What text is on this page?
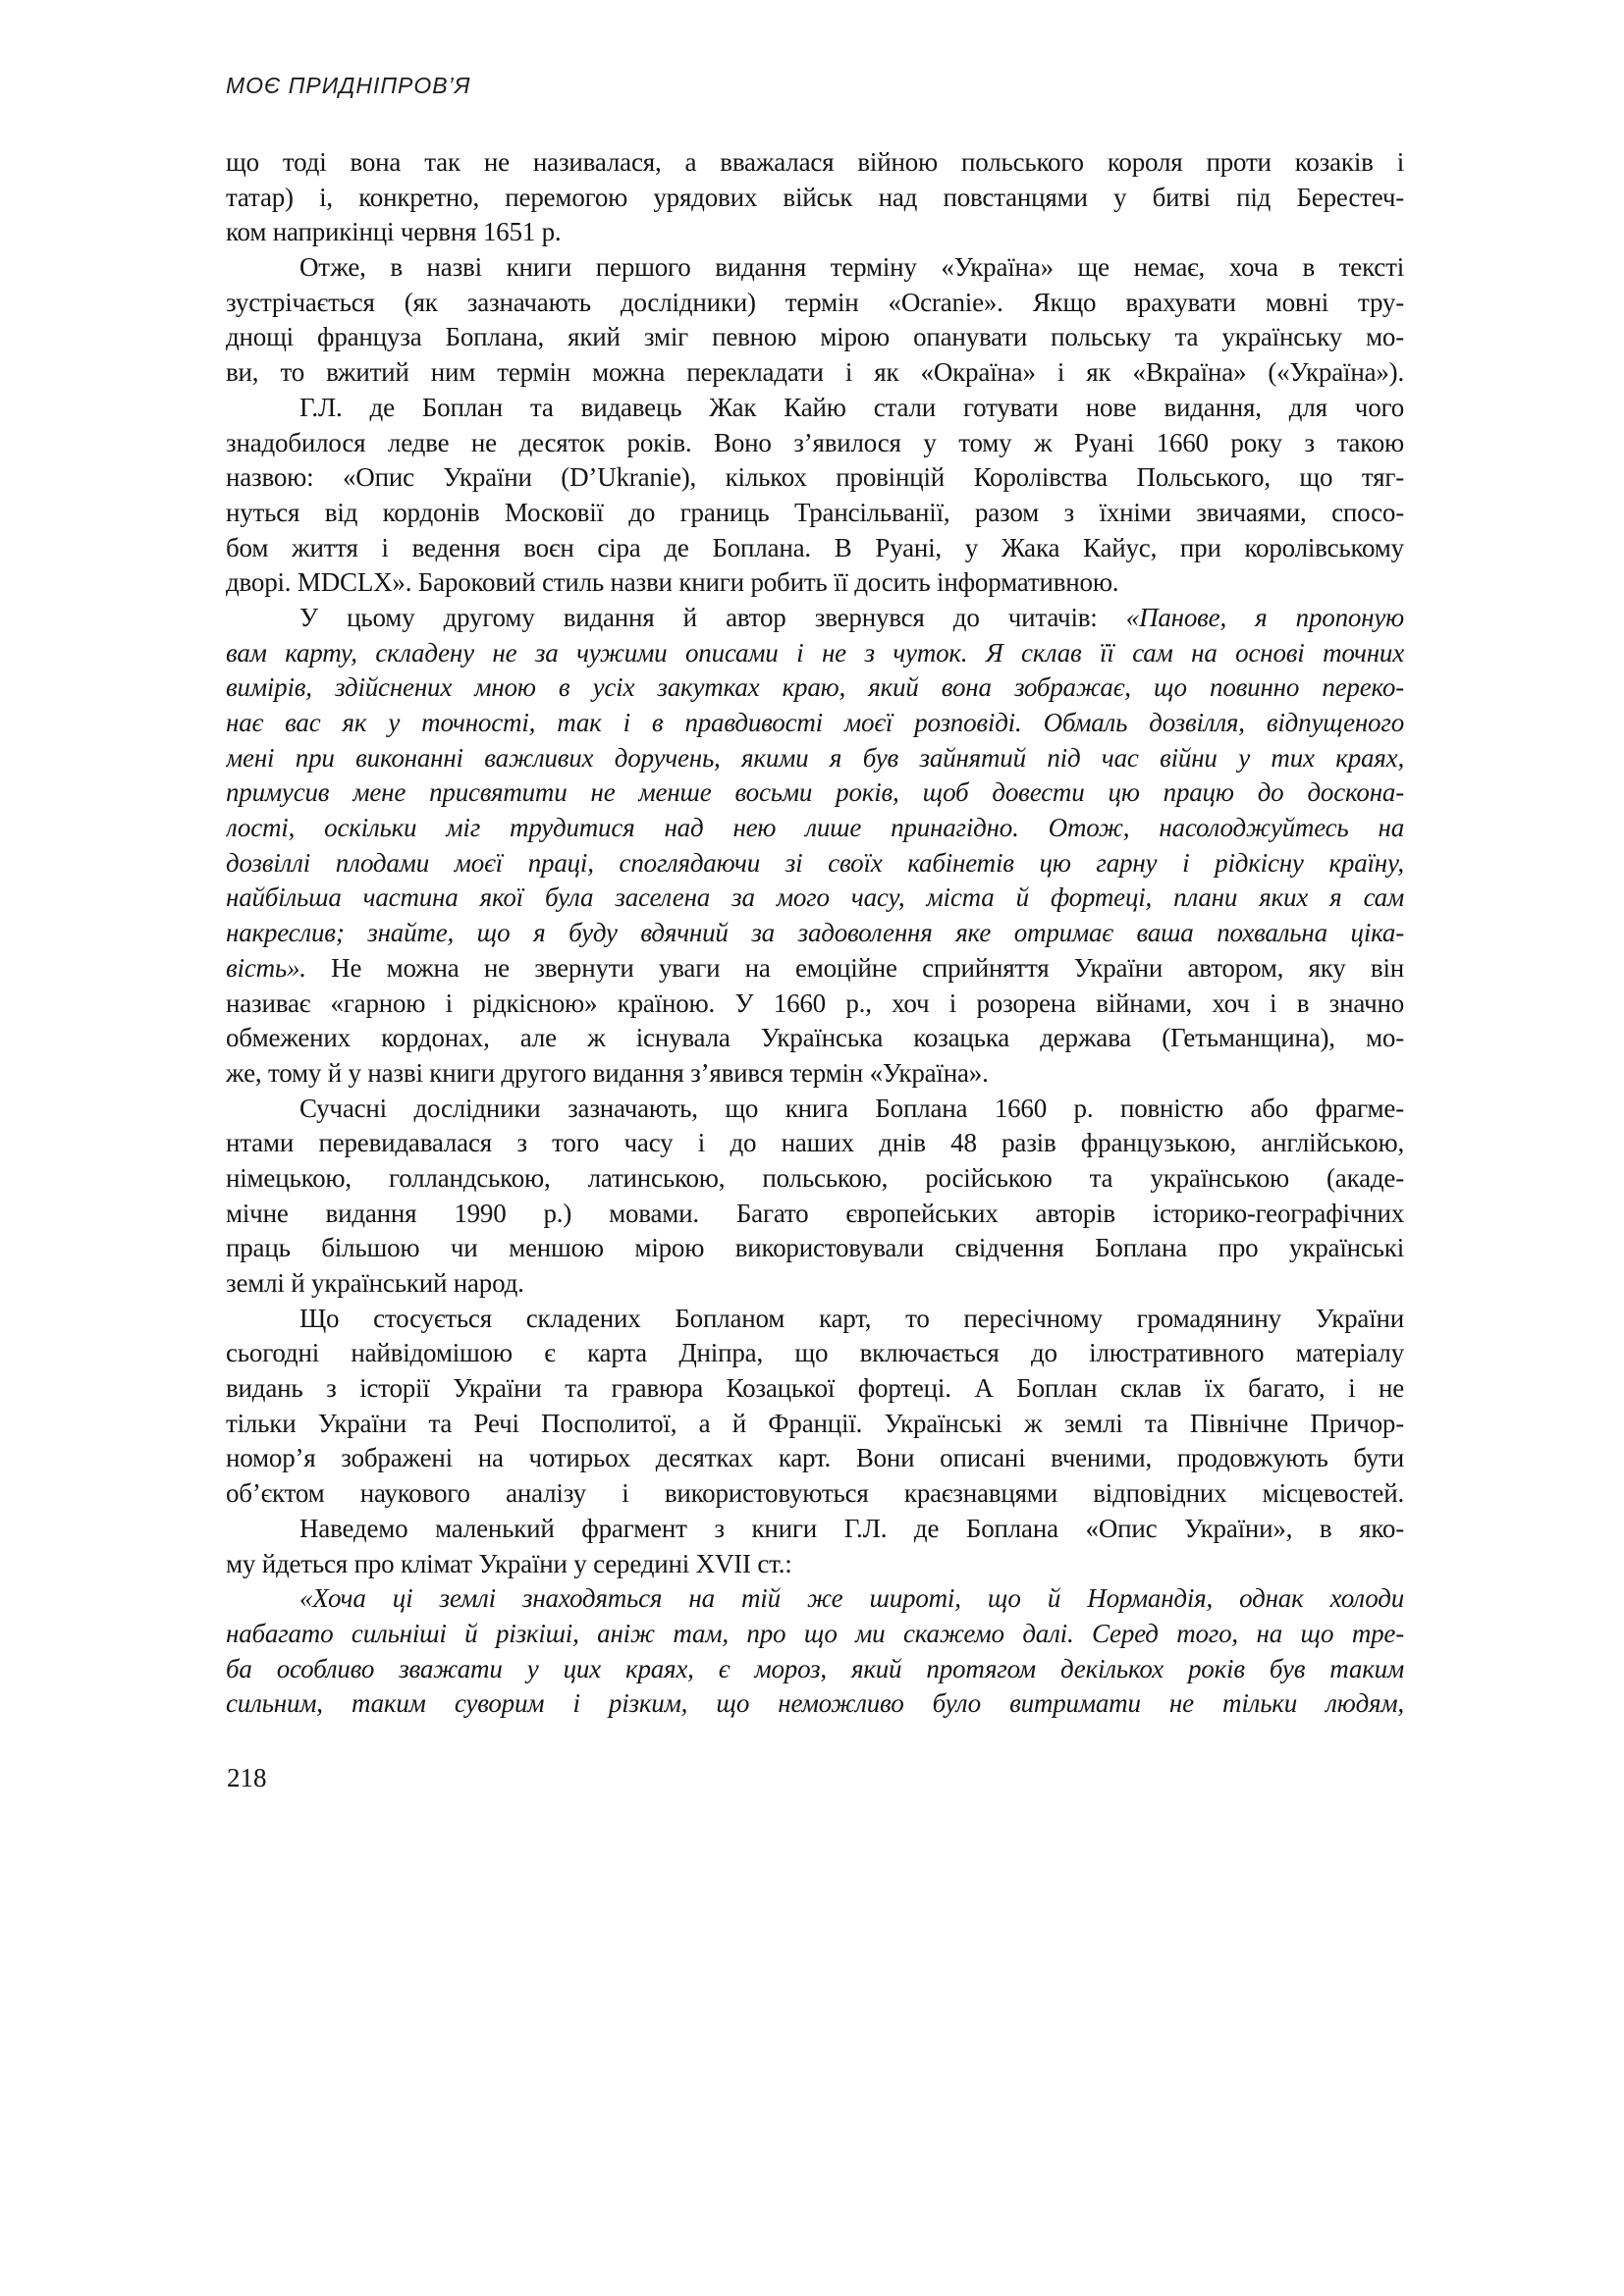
МОЄ ПРИДНІПРОВ’Я
що тоді вона так не називалася, а вважалася війною польського короля проти козаків і
татар) і, конкретно, перемогою урядових військ над повстанцями у битві під Берестеч-
ком наприкінці червня 1651 р.
Отже, в назві книги першого видання терміну «Україна» ще немає, хоча в тексті
зустрічається (як зазначають дослідники) термін «Ocranie». Якщо врахувати мовні тру-
днощі француза Боплана, який зміг певною мірою опанувати польську та українську мо-
ви, то вжитий ним термін можна перекладати і як «Окраїна» і як «Вкраїна» («Україна»).
Г.Л. де Боплан та видавець Жак Кайю стали готувати нове видання, для чого
знадобилося ледве не десяток років. Воно з’явилося у тому ж Руані 1660 року з такою
назвою: «Опис України (D’Ukranie), кількох провінцій Королівства Польського, що тяг-
нуться від кордонів Московії до границь Трансільванії, разом з їхніми звичаями, спосо-
бом життя і ведення воєн сіра де Боплана. В Руані, у Жака Кайус, при королівському
дворі. MDCLX». Бароковий стиль назви книги робить її досить інформативною.
У цьому другому видання й автор звернувся до читачів: «Панове, я пропоную
вам карту, складену не за чужими описами і не з чуток. Я склав її сам на основі точних
вимірів, здійснених мною в усіх закутках краю, який вона зображає, що повинно переко-
нає вас як у точності, так і в правдивості моєї розповіді. Обмаль дозвілля, відпущеного
мені при виконанні важливих доручень, якими я був зайнятий під час війни у тих краях,
примусив мене присвятити не менше восьми років, щоб довести цю працю до доскона-
лості, оскільки міг трудитися над нею лише принагідно. Отож, насолоджуйтесь на
дозвіллі плодами моєї праці, споглядаючи зі своїх кабінетів цю гарну і рідкісну країну,
найбільша частина якої була заселена за мого часу, міста й фортеці, плани яких я сам
накреслив; знайте, що я буду вдячний за задоволення яке отримає ваша похвальна ціка-
вість». Не можна не звернути уваги на емоційне сприйняття України автором, яку він
називає «гарною і рідкісною» країною. У 1660 р., хоч і розорена війнами, хоч і в значно
обмежених кордонах, але ж існувала Українська козацька держава (Гетьманщина), мо-
же, тому й у назві книги другого видання з’явився термін «Україна».
Сучасні дослідники зазначають, що книга Боплана 1660 р. повністю або фрагме-
нтами перевидавалася з того часу і до наших днів 48 разів французькою, англійською,
німецькою, голландською, латинською, польською, російською та українською (акаде-
мічне видання 1990 р.) мовами. Багато європейських авторів історико-географічних
праць більшою чи меншою мірою використовували свідчення Боплана про українські
землі й український народ.
Що стосується складених Бопланом карт, то пересічному громадянину України
сьогодні найвідомішою є карта Дніпра, що включається до ілюстративного матеріалу
видань з історії України та гравюра Козацької фортеці. А Боплан склав їх багато, і не
тільки України та Речі Посполитої, а й Франції. Українські ж землі та Північне Причор-
номор’я зображені на чотирьох десятках карт. Вони описані вченими, продовжують бути
об’єктом наукового аналізу і використовуються краєзнавцями відповідних місцевостей.
Наведемо маленький фрагмент з книги Г.Л. де Боплана «Опис України», в яко-
му йдеться про клімат України у середині XVII ст.:
«Хоча ці землі знаходяться на тій же широті, що й Нормандія, однак холоди
набагато сильніші й різкіші, аніж там, про що ми скажемо далі. Серед того, на що тре-
ба особливо зважати у цих краях, є мороз, який протягом декількох років був таким
сильним, таким суворим і різким, що неможливо було витримати не тільки людям,
218
